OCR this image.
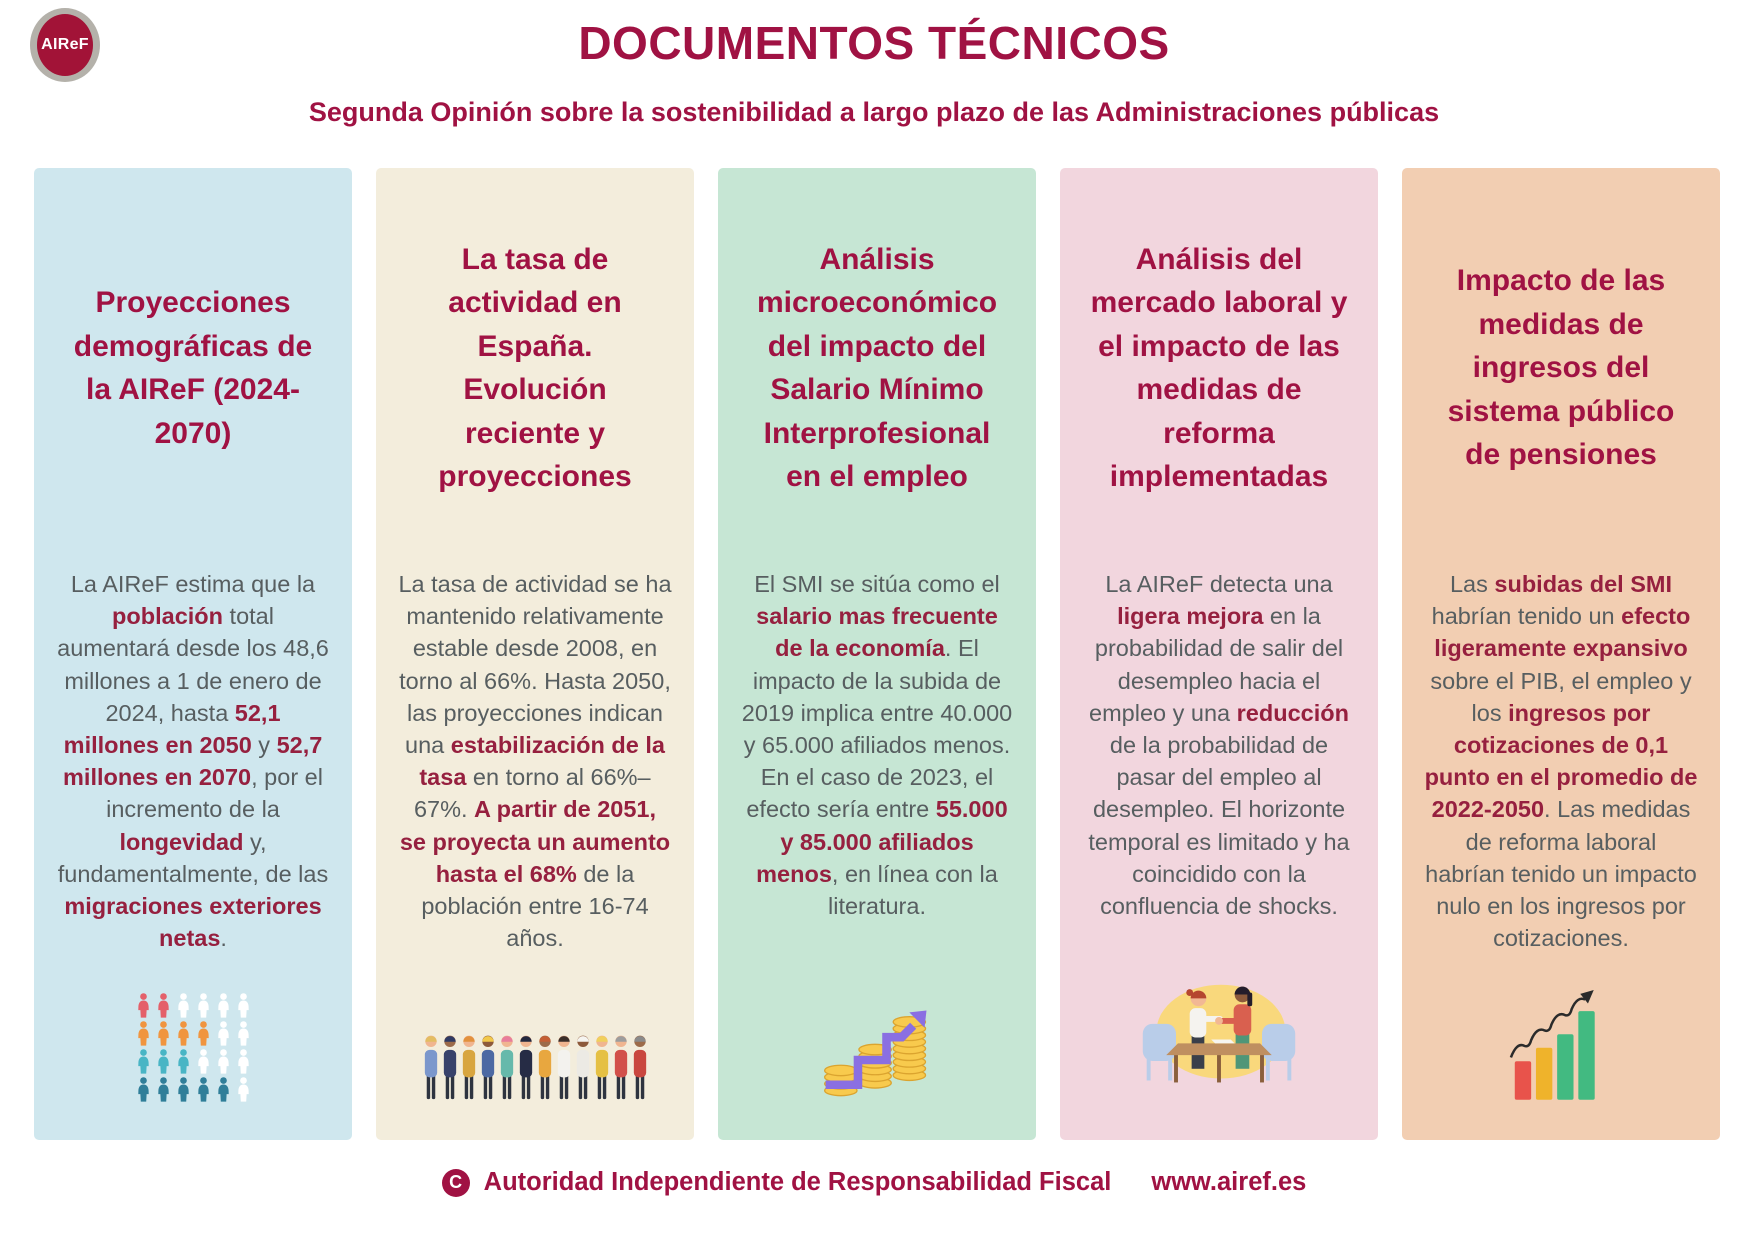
AIReF	DOCUMENTOS TÉCNICOS
Segunda Opinión sobre la sostenibilidad a largo plazo de las Administraciones públicas
Proyecciones demográficas de la AIReF (2024-2070)

La AIReF estima que la población total aumentará desde los 48,6 millones a 1 de enero de 2024, hasta 52,1 millones en 2050 y 52,7 millones en 2070, por el incremento de la longevidad y, fundamentalmente, de las migraciones exteriores netas.

La tasa de actividad en España. Evolución reciente y proyecciones

La tasa de actividad se ha mantenido relativamente estable desde 2008, en torno al 66%. Hasta 2050, las proyecciones indican una estabilización de la tasa en torno al 66%–67%. A partir de 2051, se proyecta un aumento hasta el 68% de la población entre 16-74 años.

Análisis microeconómico del impacto del Salario Mínimo Interprofesional en el empleo

El SMI se sitúa como el salario mas frecuente de la economía. El impacto de la subida de 2019 implica entre 40.000 y 65.000 afiliados menos. En el caso de 2023, el efecto sería entre 55.000 y 85.000 afiliados menos, en línea con la literatura.

Análisis del mercado laboral y el impacto de las medidas de reforma implementadas

La AIReF detecta una ligera mejora en la probabilidad de salir del desempleo hacia el empleo y una reducción de la probabilidad de pasar del empleo al desempleo. El horizonte temporal es limitado y ha coincidido con la confluencia de shocks.

Impacto de las medidas de ingresos del sistema público de pensiones

Las subidas del SMI habrían tenido un efecto ligeramente expansivo sobre el PIB, el empleo y los ingresos por cotizaciones de 0,1 punto en el promedio de 2022-2050. Las medidas de reforma laboral habrían tenido un impacto nulo en los ingresos por cotizaciones.

C Autoridad Independiente de Responsabilidad Fiscal www.airef.es
